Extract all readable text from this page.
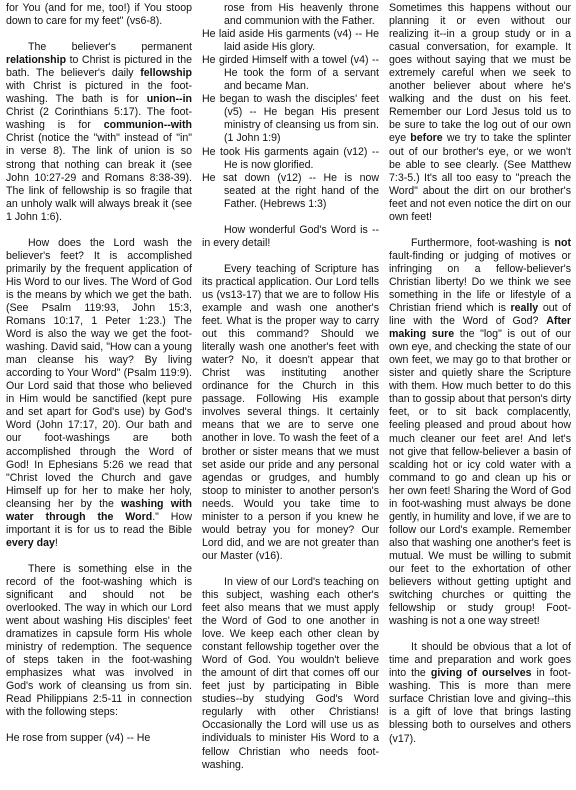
for You (and for me, too!) if You stoop down to care for my feet" (vs6-8).

The believer's permanent relationship to Christ is pictured in the bath. The believer's daily fellowship with Christ is pictured in the foot-washing. The bath is for union--in Christ (2 Corinthians 5:17). The foot-washing is for communion--with Christ (notice the "with" instead of "in" in verse 8). The link of union is so strong that nothing can break it (see John 10:27-29 and Romans 8:38-39). The link of fellowship is so fragile that an unholy walk will always break it (see 1 John 1:6).

How does the Lord wash the believer's feet? It is accomplished primarily by the frequent application of His Word to our lives. The Word of God is the means by which we get the bath. (See Psalm 119:93, John 15:3, Romans 10:17, 1 Peter 1:23.) The Word is also the way we get the foot-washing. David said, "How can a young man cleanse his way? By living according to Your Word" (Psalm 119:9). Our Lord said that those who believed in Him would be sanctified (kept pure and set apart for God's use) by God's Word (John 17:17, 20). Our bath and our foot-washings are both accomplished through the Word of God! In Ephesians 5:26 we read that "Christ loved the Church and gave Himself up for her to make her holy, cleansing her by the washing with water through the Word." How important it is for us to read the Bible every day!

There is something else in the record of the foot-washing which is significant and should not be overlooked. The way in which our Lord went about washing His disciples' feet dramatizes in capsule form His whole ministry of redemption. The sequence of steps taken in the foot-washing emphasizes what was involved in God's work of cleansing us from sin. Read Philippians 2:5-11 in connection with the following steps:

He rose from supper (v4) -- He

rose from His heavenly throne and communion with the Father.

He laid aside His garments (v4) -- He laid aside His glory.

He girded Himself with a towel (v4) -- He took the form of a servant and became Man.

He began to wash the disciples' feet (v5) -- He began His present ministry of cleansing us from sin. (1 John 1:9)

He took His garments again (v12) -- He is now glorified.

He sat down (v12) -- He is now seated at the right hand of the Father. (Hebrews 1:3)

How wonderful God's Word is --in every detail!

Every teaching of Scripture has its practical application. Our Lord tells us (vs13-17) that we are to follow His example and wash one another's feet. What is the proper way to carry out this command? Should we literally wash one another's feet with water? No, it doesn't appear that Christ was instituting another ordinance for the Church in this passage. Following His example involves several things. It certainly means that we are to serve one another in love. To wash the feet of a brother or sister means that we must set aside our pride and any personal agendas or grudges, and humbly stoop to minister to another person's needs. Would you take time to minister to a person if you knew he would betray you for money? Our Lord did, and we are not greater than our Master (v16).

In view of our Lord's teaching on this subject, washing each other's feet also means that we must apply the Word of God to one another in love. We keep each other clean by constant fellowship together over the Word of God. You wouldn't believe the amount of dirt that comes off our feet just by participating in Bible studies--by studying God's Word regularly with other Christians! Occasionally the Lord will use us as individuals to minister His Word to a fellow Christian who needs foot-washing.

Sometimes this happens without our planning it or even without our realizing it--in a group study or in a casual conversation, for example. It goes without saying that we must be extremely careful when we seek to another believer about where he's walking and the dust on his feet. Remember our Lord Jesus told us to be sure to take the log out of our own eye before we try to take the splinter out of our brother's eye, or we won't be able to see clearly. (See Matthew 7:3-5.) It's all too easy to "preach the Word" about the dirt on our brother's feet and not even notice the dirt on our own feet!

Furthermore, foot-washing is not fault-finding or judging of motives or infringing on a fellow-believer's Christian liberty! Do we think we see something in the life or lifestyle of a Christian friend which is really out of line with the Word of God? After making sure the "log" is out of our own eye, and checking the state of our own feet, we may go to that brother or sister and quietly share the Scripture with them. How much better to do this than to gossip about that person's dirty feet, or to sit back complacently, feeling pleased and proud about how much cleaner our feet are! And let's not give that fellow-believer a basin of scalding hot or icy cold water with a command to go and clean up his or her own feet! Sharing the Word of God in foot-washing must always be done gently, in humility and love, if we are to follow our Lord's example. Remember also that washing one another's feet is mutual. We must be willing to submit our feet to the exhortation of other believers without getting uptight and switching churches or quitting the fellowship or study group! Foot-washing is not a one way street!

It should be obvious that a lot of time and preparation and work goes into the giving of ourselves in foot-washing. This is more than mere surface Christian love and giving--this is a gift of love that brings lasting blessing both to ourselves and others (v17).
